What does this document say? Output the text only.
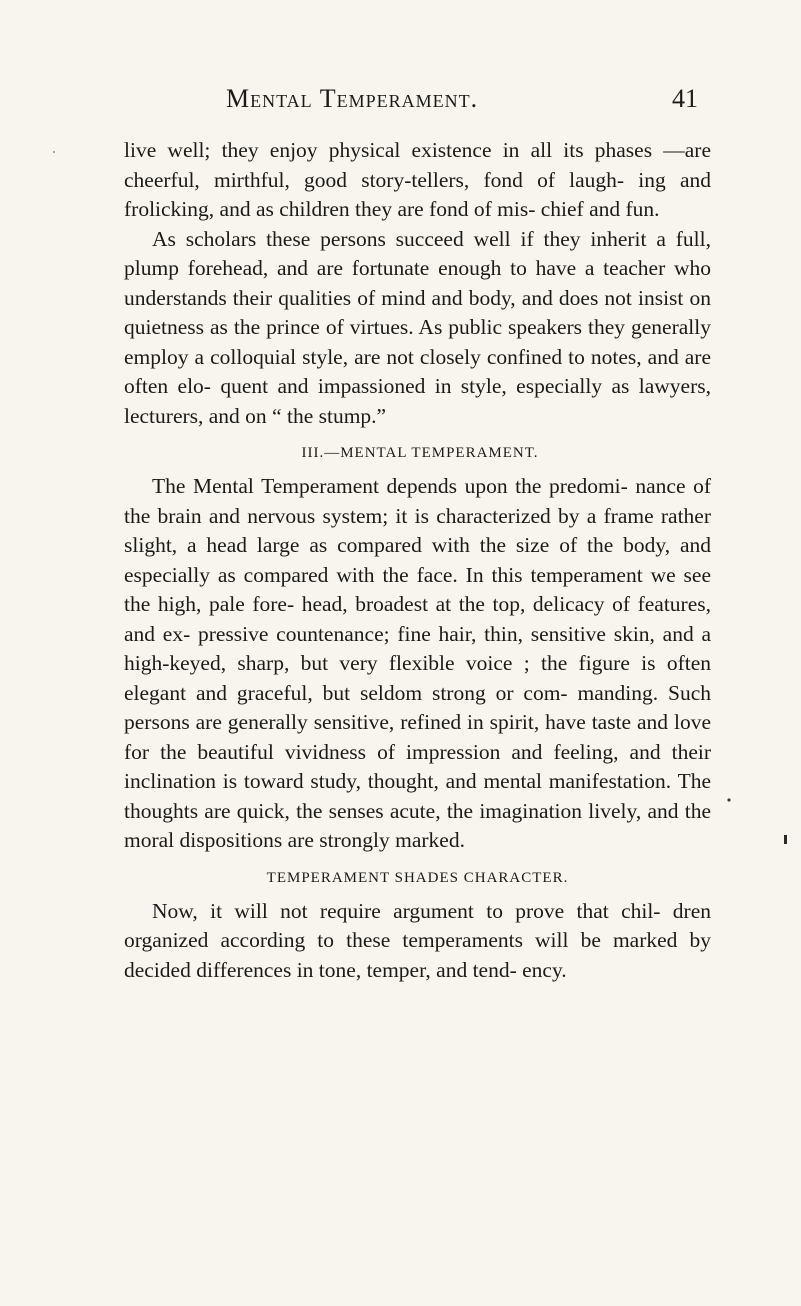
Mental Temperament.	41

live well; they enjoy physical existence in all its phases —are cheerful, mirthful, good story-tellers, fond of laugh- ing and frolicking, and as children they are fond of mis- chief and fun.

As scholars these persons succeed well if they inherit a full, plump forehead, and are fortunate enough to have a teacher who understands their qualities of mind and body, and does not insist on quietness as the prince of virtues. As public speakers they generally employ a colloquial style, are not closely confined to notes, and are often elo- quent and impassioned in style, especially as lawyers, lecturers, and on “ the stump.”

III.—MENTAL TEMPERAMENT.

The Mental Temperament depends upon the predomi- nance of the brain and nervous system; it is characterized by a frame rather slight, a head large as compared with the size of the body, and especially as compared with the face. In this temperament we see the high, pale fore- head, broadest at the top, delicacy of features, and ex- pressive countenance; fine hair, thin, sensitive skin, and a high-keyed, sharp, but very flexible voice ; the figure is often elegant and graceful, but seldom strong or com- manding. Such persons are generally sensitive, refined in spirit, have taste and love for the beautiful vividness of impression and feeling, and their inclination is toward study, thought, and mental manifestation. The thoughts are quick, the senses acute, the imagination lively, and the moral dispositions are strongly marked.

TEMPERAMENT SHADES CHARACTER.

Now, it will not require argument to prove that chil- dren organized according to these temperaments will be marked by decided differences in tone, temper, and tend- ency.
